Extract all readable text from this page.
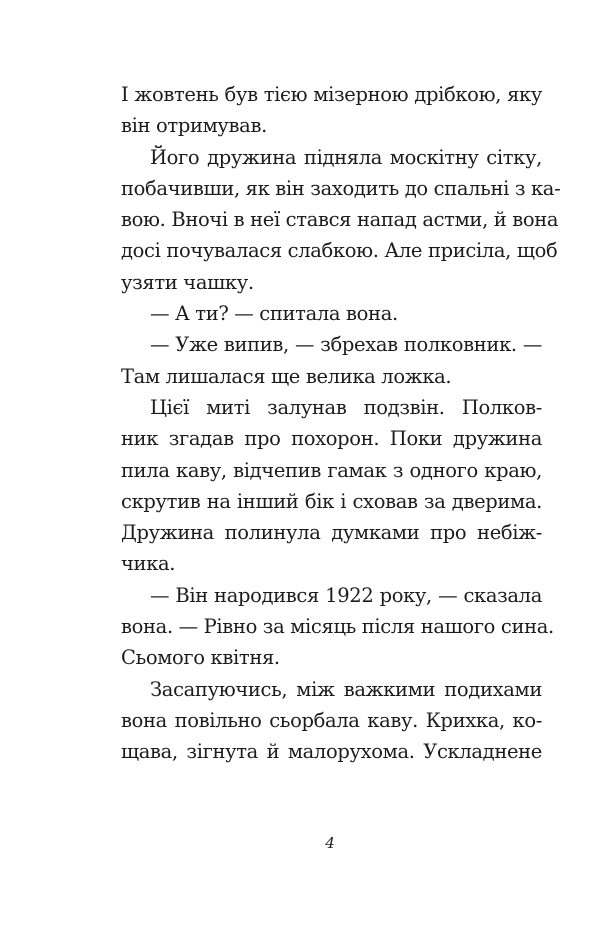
І жовтень був тією мізерною дрібкою, яку
він отримував.
Його дружина підняла москітну сітку,
побачивши, як він заходить до спальні з ка-
вою. Вночі в неї стався напад астми, й вона
досі почувалася слабкою. Але присіла, щоб
узяти чашку.
— А ти? — спитала вона.
— Уже випив, — збрехав полковник. —
Там лишалася ще велика ложка.
Цієї миті залунав подзвін. Полков-
ник згадав про похорон. Поки дружина
пила каву, відчепив гамак з одного краю,
скрутив на інший бік і сховав за дверима.
Дружина полинула думками про небіж-
чика.
— Він народився 1922 року, — сказала
вона. — Рівно за місяць після нашого сина.
Сьомого квітня.
Засапуючись, між важкими подихами
вона повільно сьорбала каву. Крихка, ко-
щава, зігнута й малорухома. Ускладнене
4
